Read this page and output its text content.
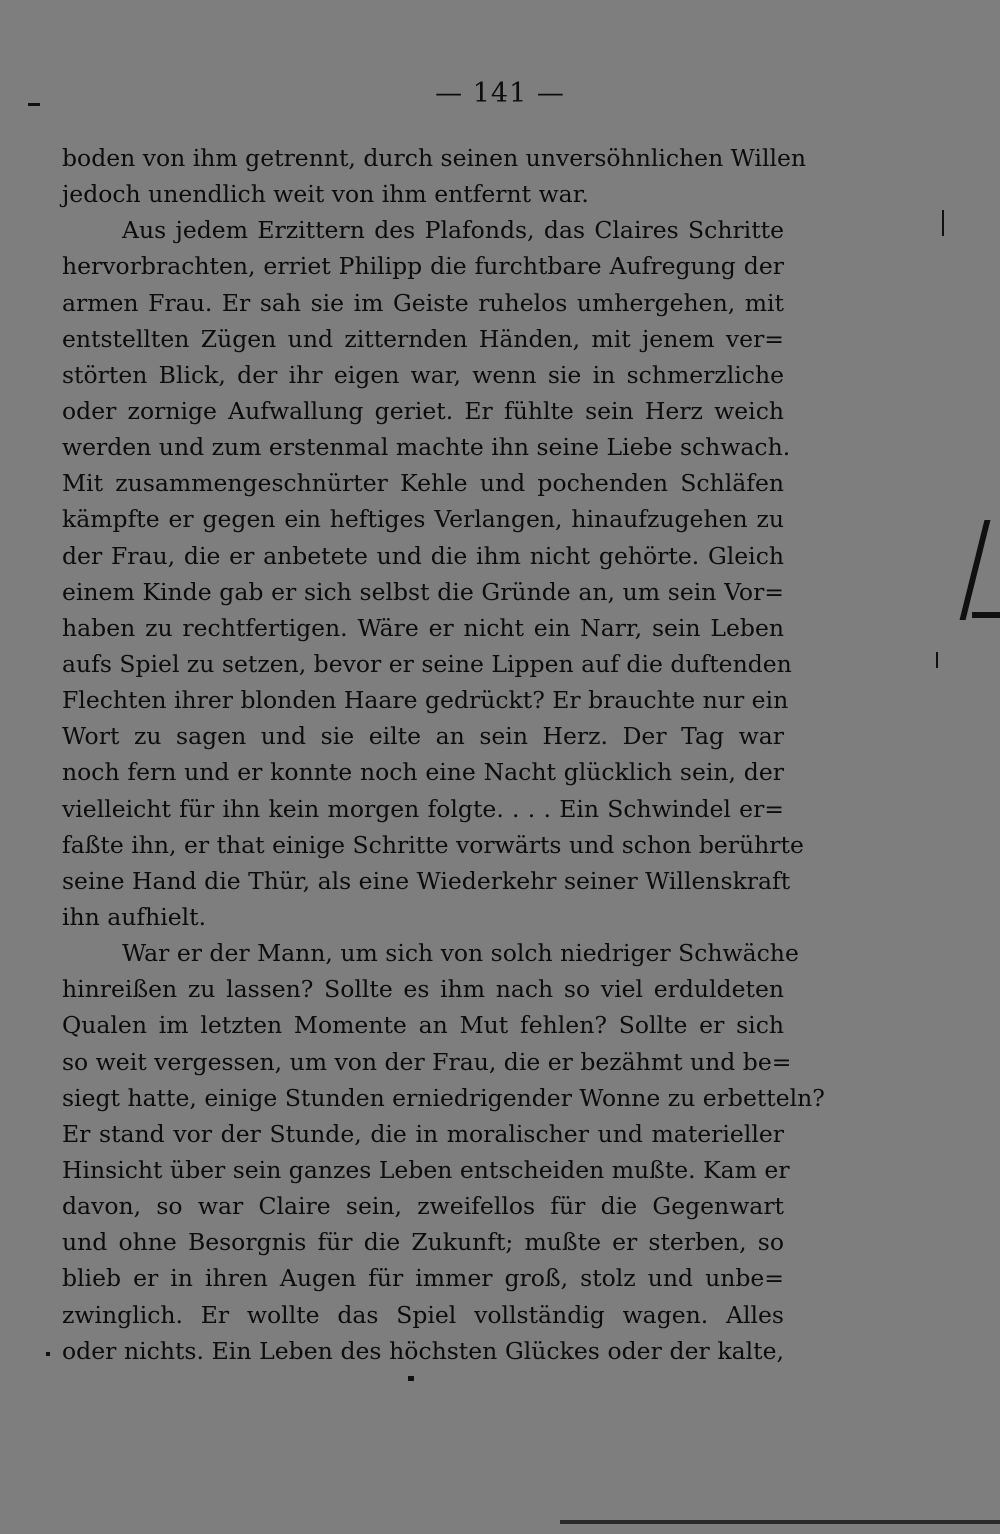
— 141 —
boden von ihm getrennt, durch seinen unversöhnlichen Willen
jedoch unendlich weit von ihm entfernt war.
Aus jedem Erzittern des Plafonds, das Claires Schritte
hervorbrachten, erriet Philipp die furchtbare Aufregung der
armen Frau. Er sah sie im Geiste ruhelos umhergehen, mit
entstellten Zügen und zitternden Händen, mit jenem ver=
störten Blick, der ihr eigen war, wenn sie in schmerzliche
oder zornige Aufwallung geriet. Er fühlte sein Herz weich
werden und zum erstenmal machte ihn seine Liebe schwach.
Mit zusammengeschnürter Kehle und pochenden Schläfen
kämpfte er gegen ein heftiges Verlangen, hinaufzugehen zu
der Frau, die er anbetete und die ihm nicht gehörte. Gleich
einem Kinde gab er sich selbst die Gründe an, um sein Vor=
haben zu rechtfertigen. Wäre er nicht ein Narr, sein Leben
aufs Spiel zu setzen, bevor er seine Lippen auf die duftenden
Flechten ihrer blonden Haare gedrückt? Er brauchte nur ein
Wort zu sagen und sie eilte an sein Herz. Der Tag war
noch fern und er konnte noch eine Nacht glücklich sein, der
vielleicht für ihn kein morgen folgte. . . . Ein Schwindel er=
faßte ihn, er that einige Schritte vorwärts und schon berührte
seine Hand die Thür, als eine Wiederkehr seiner Willenskraft
ihn aufhielt.
War er der Mann, um sich von solch niedriger Schwäche
hinreißen zu lassen? Sollte es ihm nach so viel erduldeten
Qualen im letzten Momente an Mut fehlen? Sollte er sich
so weit vergessen, um von der Frau, die er bezähmt und be=
siegt hatte, einige Stunden erniedrigender Wonne zu erbetteln?
Er stand vor der Stunde, die in moralischer und materieller
Hinsicht über sein ganzes Leben entscheiden mußte. Kam er
davon, so war Claire sein, zweifellos für die Gegenwart
und ohne Besorgnis für die Zukunft; mußte er sterben, so
blieb er in ihren Augen für immer groß, stolz und unbe=
zwinglich. Er wollte das Spiel vollständig wagen. Alles
oder nichts. Ein Leben des höchsten Glückes oder der kalte,
